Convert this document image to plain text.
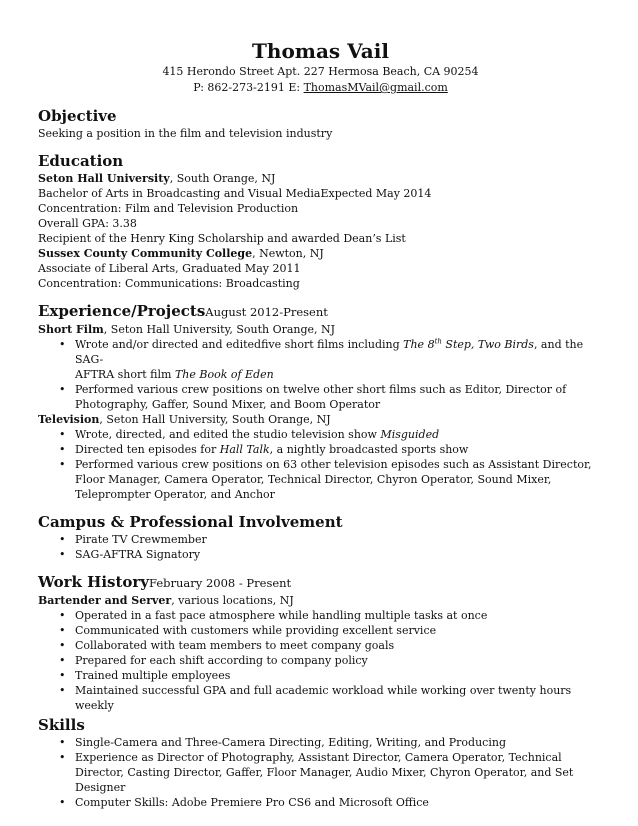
Thomas Vail
415 Herondo Street Apt. 227 Hermosa Beach, CA 90254
P: 862-273-2191 E: ThomasMVail@gmail.com
Objective
Seeking a position in the film and television industry
Education
Seton Hall University, South Orange, NJ
Bachelor of Arts in Broadcasting and Visual MediaExpected May 2014
Concentration: Film and Television Production
Overall GPA: 3.38
Recipient of the Henry King Scholarship and awarded Dean’s List
Sussex County Community College, Newton, NJ
Associate of Liberal Arts, Graduated May 2011
Concentration: Communications: Broadcasting
Experience/ProjectsAugust 2012-Present
Short Film, Seton Hall University, South Orange, NJ
• Wrote and/or directed and editedfive short films including The 8th Step, Two Birds, and the SAG-
AFTRA short film The Book of Eden
• Performed various crew positions on twelve other short films such as Editor, Director of Photography, Gaffer, Sound Mixer, and Boom Operator
Television, Seton Hall University, South Orange, NJ
• Wrote, directed, and edited the studio television show Misguided
• Directed ten episodes for Hall Talk, a nightly broadcasted sports show
• Performed various crew positions on 63 other television episodes such as Assistant Director, Floor Manager, Camera Operator, Technical Director, Chyron Operator, Sound Mixer, Teleprompter Operator, and Anchor
Campus & Professional Involvement
• Pirate TV Crewmember
• SAG-AFTRA Signatory
Work HistoryFebruary 2008 - Present
Bartender and Server, various locations, NJ
• Operated in a fast pace atmosphere while handling multiple tasks at once
• Communicated with customers while providing excellent service
• Collaborated with team members to meet company goals
• Prepared for each shift according to company policy
• Trained multiple employees
• Maintained successful GPA and full academic workload while working over twenty hours weekly
Skills
• Single-Camera and Three-Camera Directing, Editing, Writing, and Producing
• Experience as Director of Photography, Assistant Director, Camera Operator, Technical Director, Casting Director, Gaffer, Floor Manager, Audio Mixer, Chyron Operator, and Set Designer
• Computer Skills: Adobe Premiere Pro CS6 and Microsoft Office
